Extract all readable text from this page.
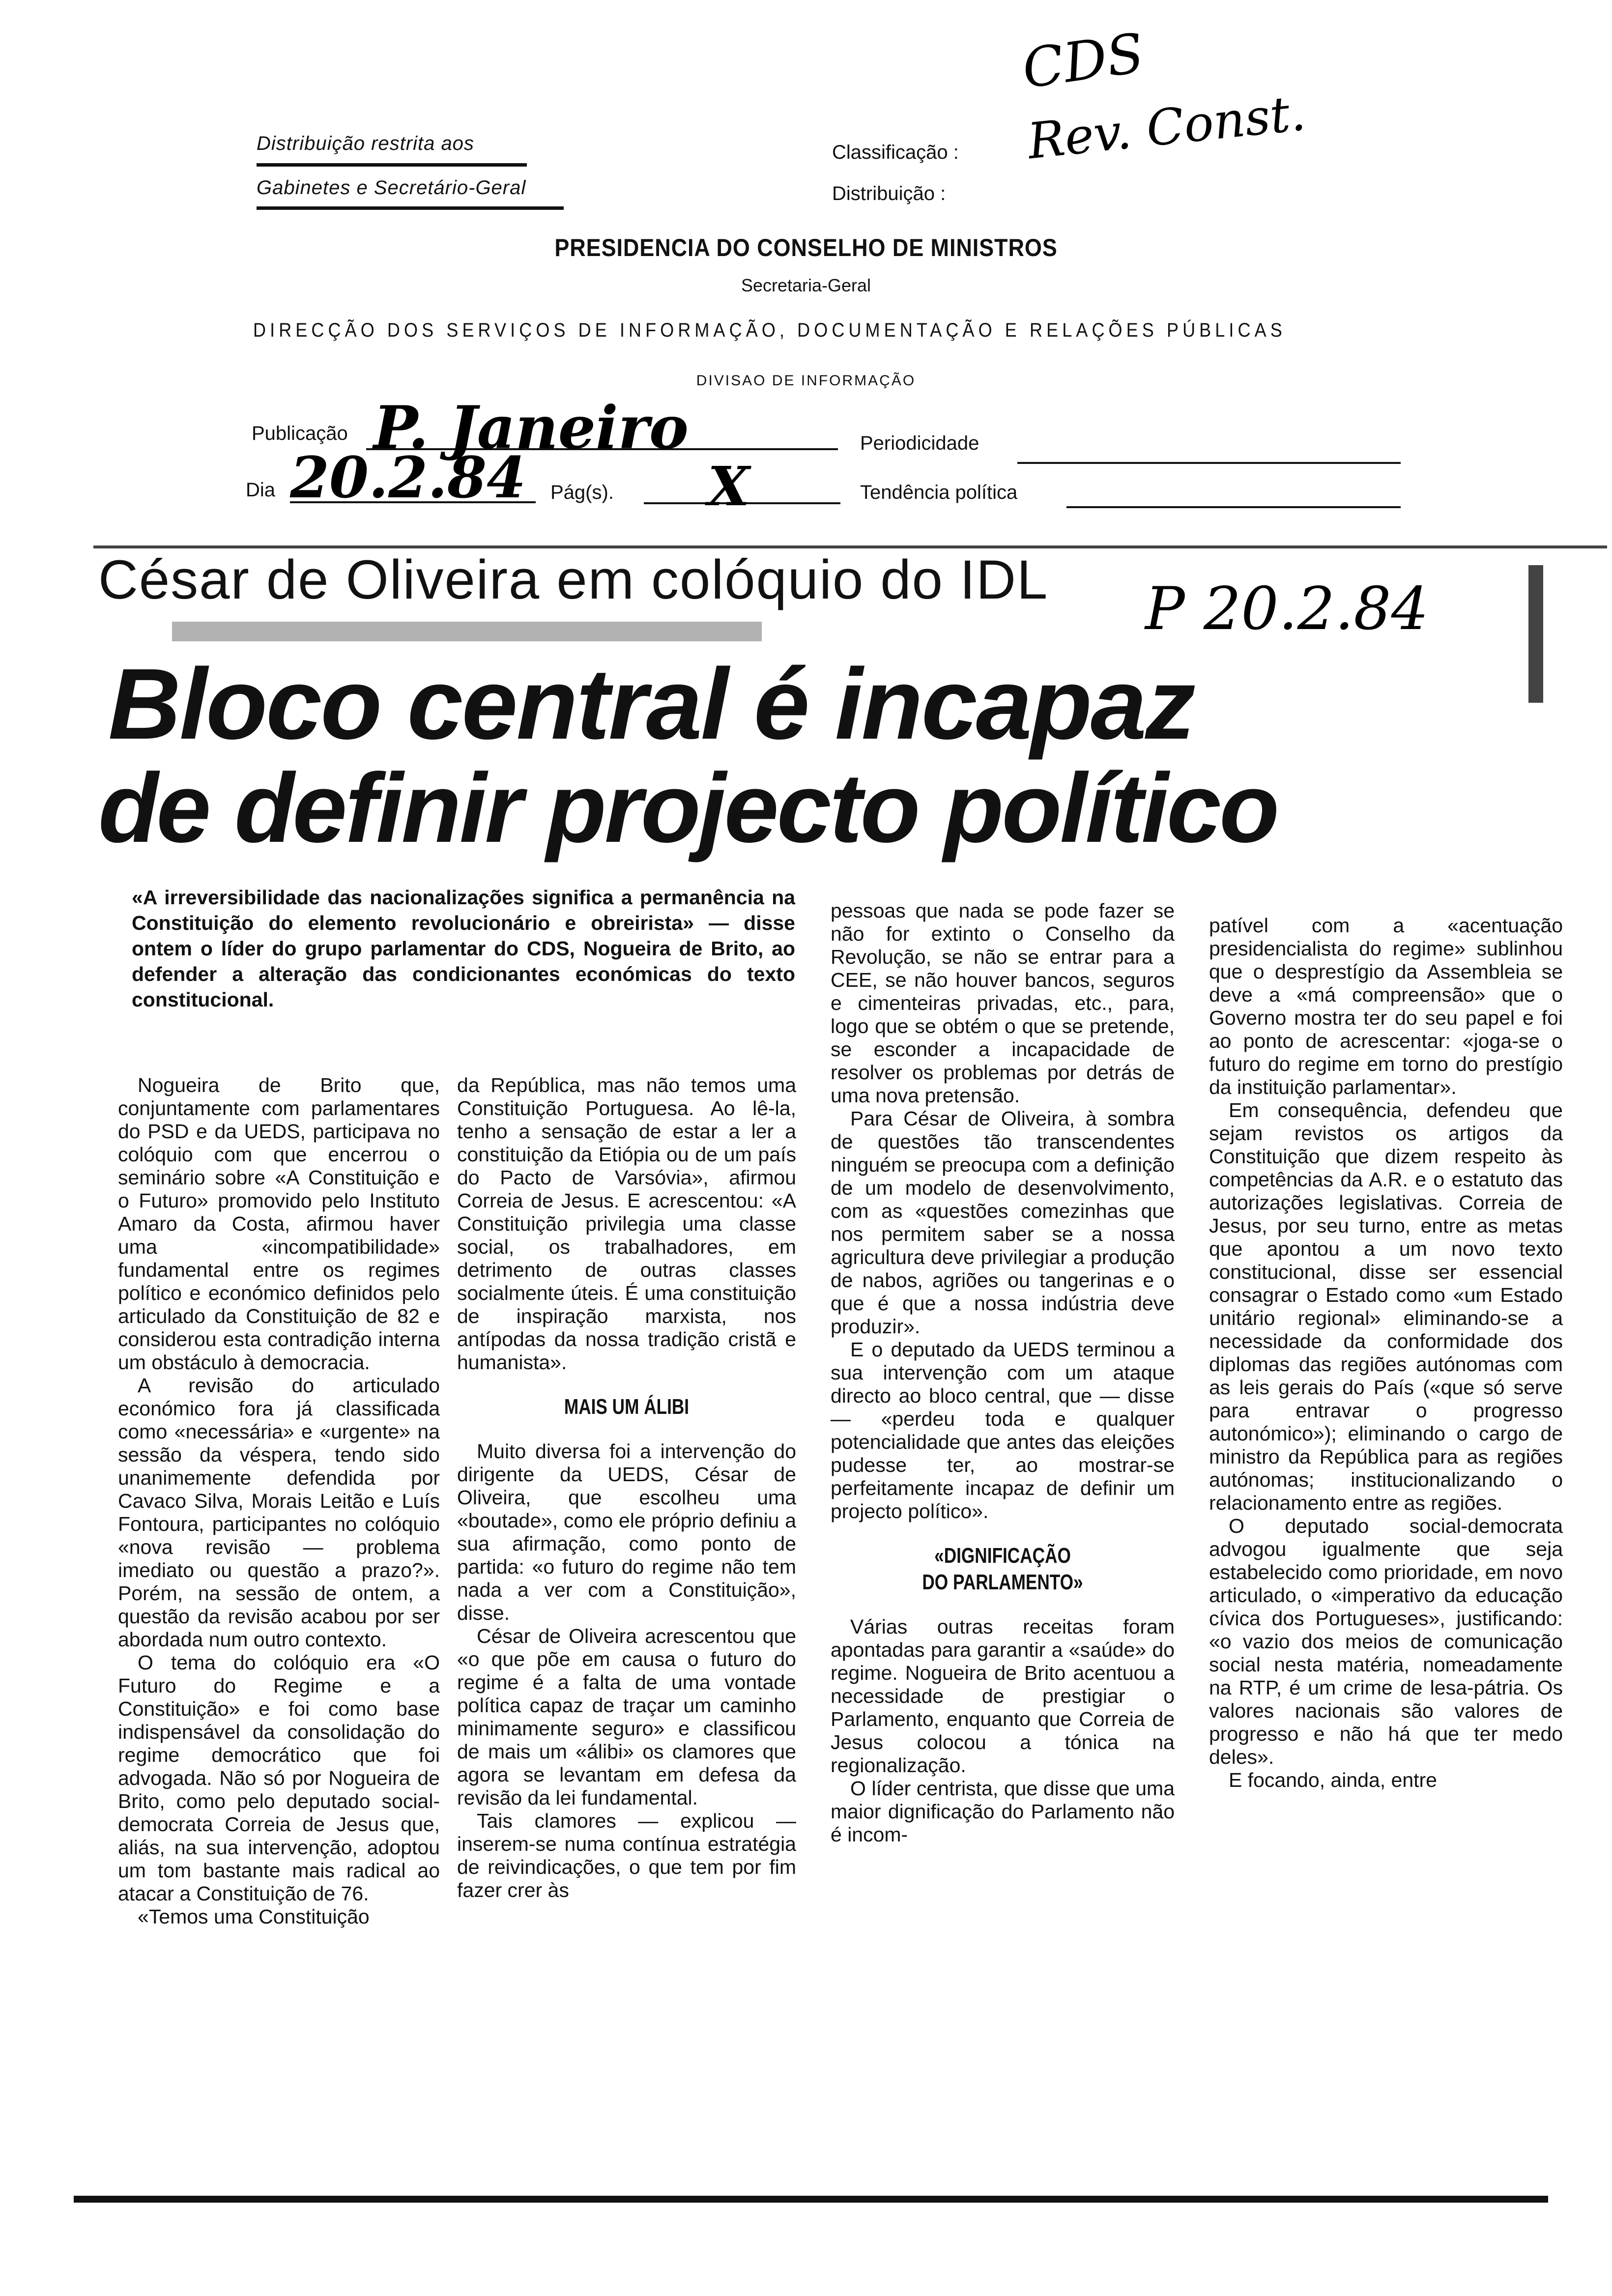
Distribuição restrita aos
Gabinetes e Secretário-Geral
Classificação :
Distribuição :
CDS
Rev. Const.
PRESIDENCIA DO CONSELHO DE MINISTROS
Secretaria-Geral
DIRECÇÃO DOS SERVIÇOS DE INFORMAÇÃO, DOCUMENTAÇÃO E RELAÇÕES PÚBLICAS
DIVISAO DE INFORMAÇÃO
Publicação P. Janeiro	Periodicidade
Dia 20.2.84 Pág(s). X	Tendência política
César de Oliveira em colóquio do IDL P 20.2.84
Bloco central é incapaz
de definir projecto político
«A irreversibilidade das nacionalizações significa a permanência na Constituição do elemento revolucionário e obreirista» — disse ontem o líder do grupo parlamentar do CDS, Nogueira de Brito, ao defender a alteração das condicionantes económicas do texto constitucional.

Nogueira de Brito que, conjuntamente com parlamentares do PSD e da UEDS, participava no colóquio com que encerrou o seminário sobre «A Constituição e o Futuro» promovido pelo Instituto Amaro da Costa, afirmou haver uma «incompatibilidade» fundamental entre os regimes político e económico definidos pelo articulado da Constituição de 82 e considerou esta contradição interna um obstáculo à democracia.

A revisão do articulado económico fora já classificada como «necessária» e «urgente» na sessão da véspera, tendo sido unanimemente defendida por Cavaco Silva, Morais Leitão e Luís Fontoura, participantes no colóquio «nova revisão — problema imediato ou questão a prazo?». Porém, na sessão de ontem, a questão da revisão acabou por ser abordada num outro contexto.

O tema do colóquio era «O Futuro do Regime e a Constituição» e foi como base indispensável da consolidação do regime democrático que foi advogada. Não só por Nogueira de Brito, como pelo deputado social-democrata Correia de Jesus que, aliás, na sua intervenção, adoptou um tom bastante mais radical ao atacar a Constituição de 76.

«Temos uma Constituição

da República, mas não temos uma Constituição Portuguesa. Ao lê-la, tenho a sensação de estar a ler a constituição da Etiópia ou de um país do Pacto de Varsóvia», afirmou Correia de Jesus. E acrescentou: «A Constituição privilegia uma classe social, os trabalhadores, em detrimento de outras classes socialmente úteis. É uma constituição de inspiração marxista, nos antípodas da nossa tradição cristã e humanista».

MAIS UM ÁLIBI

Muito diversa foi a intervenção do dirigente da UEDS, César de Oliveira, que escolheu uma «boutade», como ele próprio definiu a sua afirmação, como ponto de partida: «o futuro do regime não tem nada a ver com a Constituição», disse.

César de Oliveira acrescentou que «o que põe em causa o futuro do regime é a falta de uma vontade política capaz de traçar um caminho minimamente seguro» e classificou de mais um «álibi» os clamores que agora se levantam em defesa da revisão da lei fundamental.

Tais clamores — explicou — inserem-se numa contínua estratégia de reivindicações, o que tem por fim fazer crer às

pessoas que nada se pode fazer se não for extinto o Conselho da Revolução, se não se entrar para a CEE, se não houver bancos, seguros e cimenteiras privadas, etc., para, logo que se obtém o que se pretende, se esconder a incapacidade de resolver os problemas por detrás de uma nova pretensão.

Para César de Oliveira, à sombra de questões tão transcendentes ninguém se preocupa com a definição de um modelo de desenvolvimento, com as «questões comezinhas que nos permitem saber se a nossa agricultura deve privilegiar a produção de nabos, agriões ou tangerinas e o que é que a nossa indústria deve produzir».

E o deputado da UEDS terminou a sua intervenção com um ataque directo ao bloco central, que — disse — «perdeu toda e qualquer potencialidade que antes das eleições pudesse ter, ao mostrar-se perfeitamente incapaz de definir um projecto político».

«DIGNIFICAÇÃO
DO PARLAMENTO»

Várias outras receitas foram apontadas para garantir a «saúde» do regime. Nogueira de Brito acentuou a necessidade de prestigiar o Parlamento, enquanto que Correia de Jesus colocou a tónica na regionalização.

O líder centrista, que disse que uma maior dignificação do Parlamento não é incom-

patível com a «acentuação presidencialista do regime» sublinhou que o desprestígio da Assembleia se deve a «má compreensão» que o Governo mostra ter do seu papel e foi ao ponto de acrescentar: «joga-se o futuro do regime em torno do prestígio da instituição parlamentar».

Em consequência, defendeu que sejam revistos os artigos da Constituição que dizem respeito às competências da A.R. e o estatuto das autorizações legislativas. Correia de Jesus, por seu turno, entre as metas que apontou a um novo texto constitucional, disse ser essencial consagrar o Estado como «um Estado unitário regional» eliminando-se a necessidade da conformidade dos diplomas das regiões autónomas com as leis gerais do País («que só serve para entravar o progresso autonómico»); eliminando o cargo de ministro da República para as regiões autónomas; institucionalizando o relacionamento entre as regiões.

O deputado social-democrata advogou igualmente que seja estabelecido como prioridade, em novo articulado, o «imperativo da educação cívica dos Portugueses», justificando: «o vazio dos meios de comunicação social nesta matéria, nomeadamente na RTP, é um crime de lesa-pátria. Os valores nacionais são valores de progresso e não há que ter medo deles».

E focando, ainda, entre
